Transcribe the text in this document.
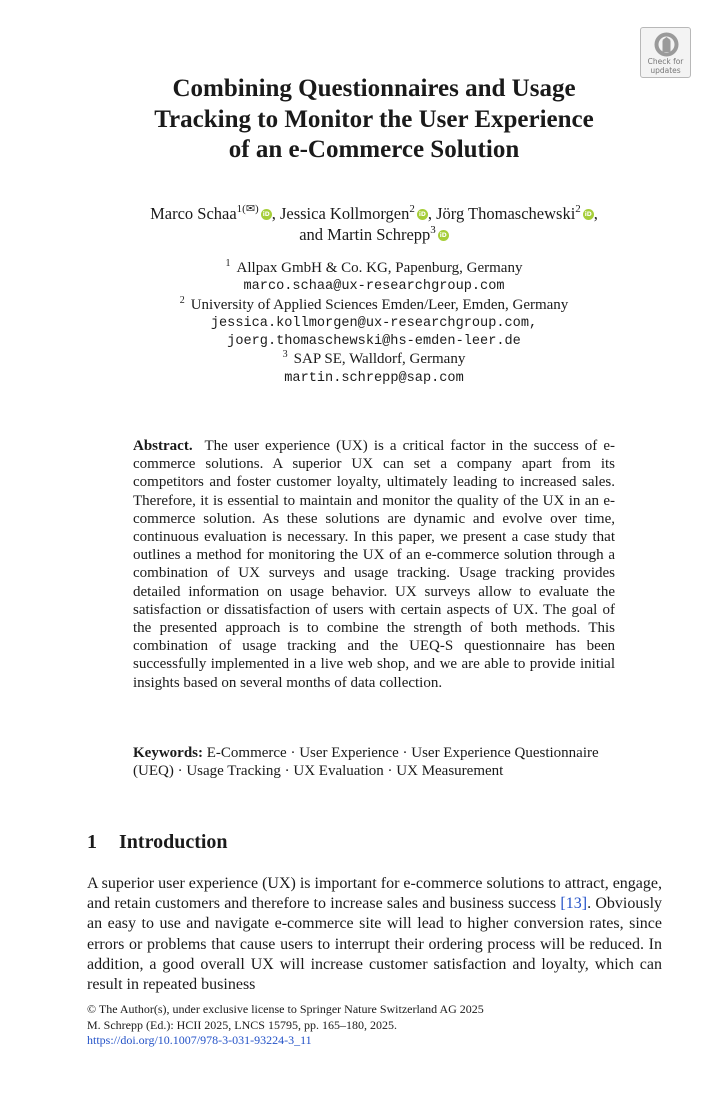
Check for
updates
Combining Questionnaires and Usage
Tracking to Monitor the User Experience
of an e-Commerce Solution
Marco Schaa$^{1(✉)}$ iD , Jessica Kollmorgen$^2$ iD , Jörg Thomaschewski$^2$ iD ,
and Martin Schrepp$^3$iD
$^1$ Allpax GmbH & Co. KG, Papenburg, Germany
marco.schaa@ux-researchgroup.com
$^2$ University of Applied Sciences Emden/Leer, Emden, Germany
jessica.kollmorgen@ux-researchgroup.com,
joerg.thomaschewski@hs-emden-leer.de
$^3$ SAP SE, Walldorf, Germany
martin.schrepp@sap.com
Abstract. The user experience (UX) is a critical factor in the success of e-commerce solutions. A superior UX can set a company apart from its competitors and foster customer loyalty, ultimately leading to increased sales. Therefore, it is essential to maintain and monitor the quality of the UX in an e-commerce solution. As these solutions are dynamic and evolve over time, continuous evaluation is necessary. In this paper, we present a case study that outlines a method for monitoring the UX of an e-commerce solution through a combination of UX surveys and usage tracking. Usage tracking provides detailed information on usage behavior. UX surveys allow to evaluate the satisfaction or dissatisfaction of users with certain aspects of UX. The goal of the presented approach is to combine the strength of both methods. This combination of usage tracking and the UEQ-S questionnaire has been successfully implemented in a live web shop, and we are able to provide initial insights based on several months of data collection.
Keywords: E-Commerce · User Experience · User Experience Questionnaire (UEQ) · Usage Tracking · UX Evaluation · UX Measurement
1 Introduction
A superior user experience (UX) is important for e-commerce solutions to attract, engage, and retain customers and therefore to increase sales and business success [13]. Obviously an easy to use and navigate e-commerce site will lead to higher conversion rates, since errors or problems that cause users to interrupt their ordering process will be reduced. In addition, a good overall UX will increase customer satisfaction and loyalty, which can result in repeated business
© The Author(s), under exclusive license to Springer Nature Switzerland AG 2025
M. Schrepp (Ed.): HCII 2025, LNCS 15795, pp. 165–180, 2025.
https://doi.org/10.1007/978-3-031-93224-3_11
